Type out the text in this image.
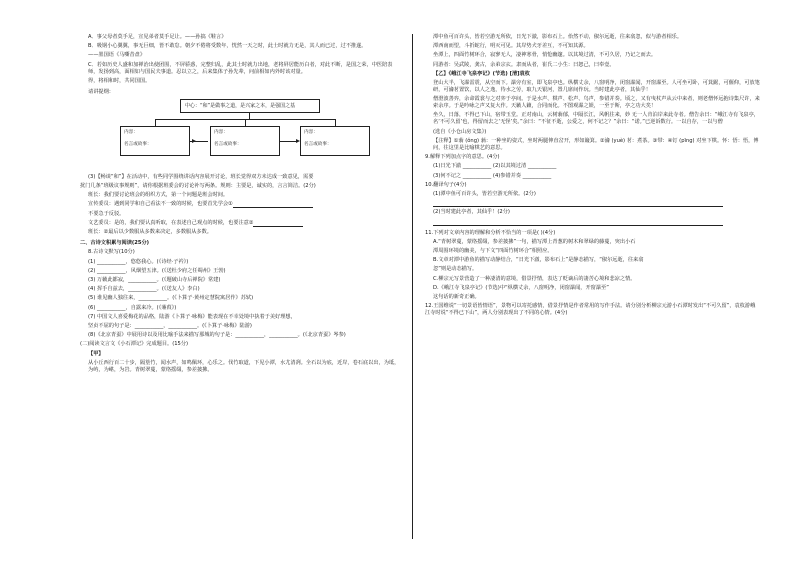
A．事父母者莫手足，宣见弟者莫手足让。——孙搞《鞋言》
B．吸钢小心翼翼，事无巨细，皆不敢怠。朝夕不倦将受数年，恍然一天之时，此士时就力无是，其人而已过，过不推遂。
——墨国语《马嘶昔盘》
C．若如历史人盛和加禅治出使团围，不屏骄惑，完整归乱，此其士时就力出地，老将屏居能历白者，对此不断，是国之荣，中医陪表师，发扬到高，面相如与国民夫事道。忍以立之，后来集体子孙先辈，问前相如内外时该对量。
得，将相和时，共同国国。
请讲提纲：
中心：“和”是做事之道，是兴家之本，是强国之基
内容：
名言或故事：
内容：
名言或故事：
内容：
名言或故事：
(3)【畅谈“和”】在活动中，有些同学围绕讲话内容展开讨论，班长觉得双方未达成一致意见，需要
扰门几条“班级议事规则”，请你根据班委会的讨论补写两条。规则：主要是，诚实的，言言简洁。(2分)
班长：我们要讨论班会的组织方式，第一个问题是班会时间。
宣传委员：遇到同学和自己看法不一致的时候，也要首先学会①
不要急于反驳。
文艺委员：是的，我们要认真听取，在表述自己观点的时候，也要注意②
班长：②最后以少数服从多数来决定，多数服从多数。
二、古诗文积累与阅读(25分)
8.古诗文默写(10分)
(1) ___________，悠悠我心。(《诗经·子衿》)
(2) ___________，风烟望五津。(《送杜少府之任蜀州》王勃)
(3) 万籁此都寂，___________。(《题破山寺后禅院》常建)
(4) 挥手自兹去，___________。(《送友人》李白)
(5) 谁见幽人独往来，___________。(《卜算子·黄州定慧院寓居作》苏轼)
(6) ___________，自露来冷。(《蒹葭》)
(7) 中国文人喜爱梅花的品格，陆游《卜算子·咏梅》能表现在不幸处境中执着于美好理想，
坚贞不屈的句子是：___________，___________。(《卜算子·咏梅》陆游)
(8)《北京青蚕》中展用诗以及用比喻手法来描写那城的句子是：___________，___________。(《北京青蚕》岑参)
(二)阅读文言文《小石潭记》完成题目。(15分)
【甲】
从小丘西行百二十步，隔篁竹，闻水声，如鸣佩环，心乐之。伐竹取道，下见小潭，水尤清冽。全石以为底，近岸，卷石底以出，为坻，为屿，为嵁，为岩。青树翠蔓，蒙络摇缀，参差披拂。
潭中鱼可百许头，皆若空游无所依，日光下澈，影布石上。佁然不动，俶尔远逝，往来翕忽，似与游者相乐。
潭西南而望，斗折蛇行，明灭可见。其岸势犬牙差互，不可知其源。
坐潭上，四面竹树环合，寂寥无人，凄神寒骨，悄怆幽邃。以其境过清，不可久居，乃记之而去。
同游者：吴武陵，龚古，余弟宗玄。隶而从者，崔氏二小生：曰恕己，曰奉壹。
【乙】《峨江寺飞泉亭记》(节选) [清]袁枚
登山大半，飞瀑雷震，从空而下。瀑旁有室，即飞泉亭也。纵横丈余，八窗明净，闭窗瀑闻，开窗瀑至。人可坐可卧，可箕踞，可偃仰，可放笔研，可瀹茗置饮，以人之逸，待水之劳，取九天银河，置几席间作玩。当时建此亭者，其仙乎！
僧澄波善弈，余命霞裳与之对弈于亭间。于是水声、棋声、松声、鸟声，参错并奏。顷之，又有曳杖声从云中来者，则老僧怀远抱诗集尺许，来索余序。于是吟咏之声又复大作。天籁人籁，合同而化。不图观瀑之娱，一至于斯，亭之功大矣！
坐久，日落，不得已下山，宿带玉堂。正对南山，云树蓊郁，中隔长江，风帆往来，妙 无一人肯泊岸来此寺者。僧告余曰：“峨江寺有飞泉亭，名‘不可久留’也，得留而去之‘无怪’矣。”余曰：“不征不逝，公爱之，何不记之？”余曰：“诺。”已逆诉数行。一以自存，一以与僧
(选自《小仓山房文集》)
【注释】①蓊 (ǒng) 蓊：一种坐的姿式，坐时两腿伸直岔开，形如簸箕。②瀹 (yuè) 茗：煮茶。③带：④钉 (pīng) 对坐下棋。怀：悟：悟，博问，往这里是比喻棋艺的意思。
9.解释下列加点字的意思。(4分)
(1)日光下澈 ___________ (2)以其境过清 ___________
(3)何不记之 ___________ (4)参错并奏 ___________
10.翻译句子(4分)
(1)潭中鱼可百许头，皆若空游无所依。(2分)
(2)当时建此亭者，其仙乎！(2分)
11.下列对文章内容的理解和分析不恰当的一项是( )(4分)
A.“青树翠蔓，蒙络摇缀，参差披拂”一句，描写潭上青葱的树木和翠绿的藤蔓，突出小石
潭周围环境的幽美，与下文“四面竹树环合”相照应。
B.文章对潭中游鱼的描写动静结合，“日光下澈，影布石上”是静态描写，“俶尔远逝，往来翕
忽”则是动态描写。
C.柳宗元写景营造了一种凄清的意境，借景抒情，表达了贬谪后的凄苦心境和悲凉之情。
D.《峨江寺飞泉亭记》(节选)中“纵横丈余，八窗明净，闭窗瀑闻，开窗瀑至”
这句话的新奇正确。
12.王国维说“一切景语皆情语”，景物可以寄托感情，借景抒情是作者常用的写作手法。请分别分析柳宗元游小石潭时发出“不可久留”，袁枚游峨江寺时说“不得已下山”，两人分别表现出了不同的心情。(4分)
